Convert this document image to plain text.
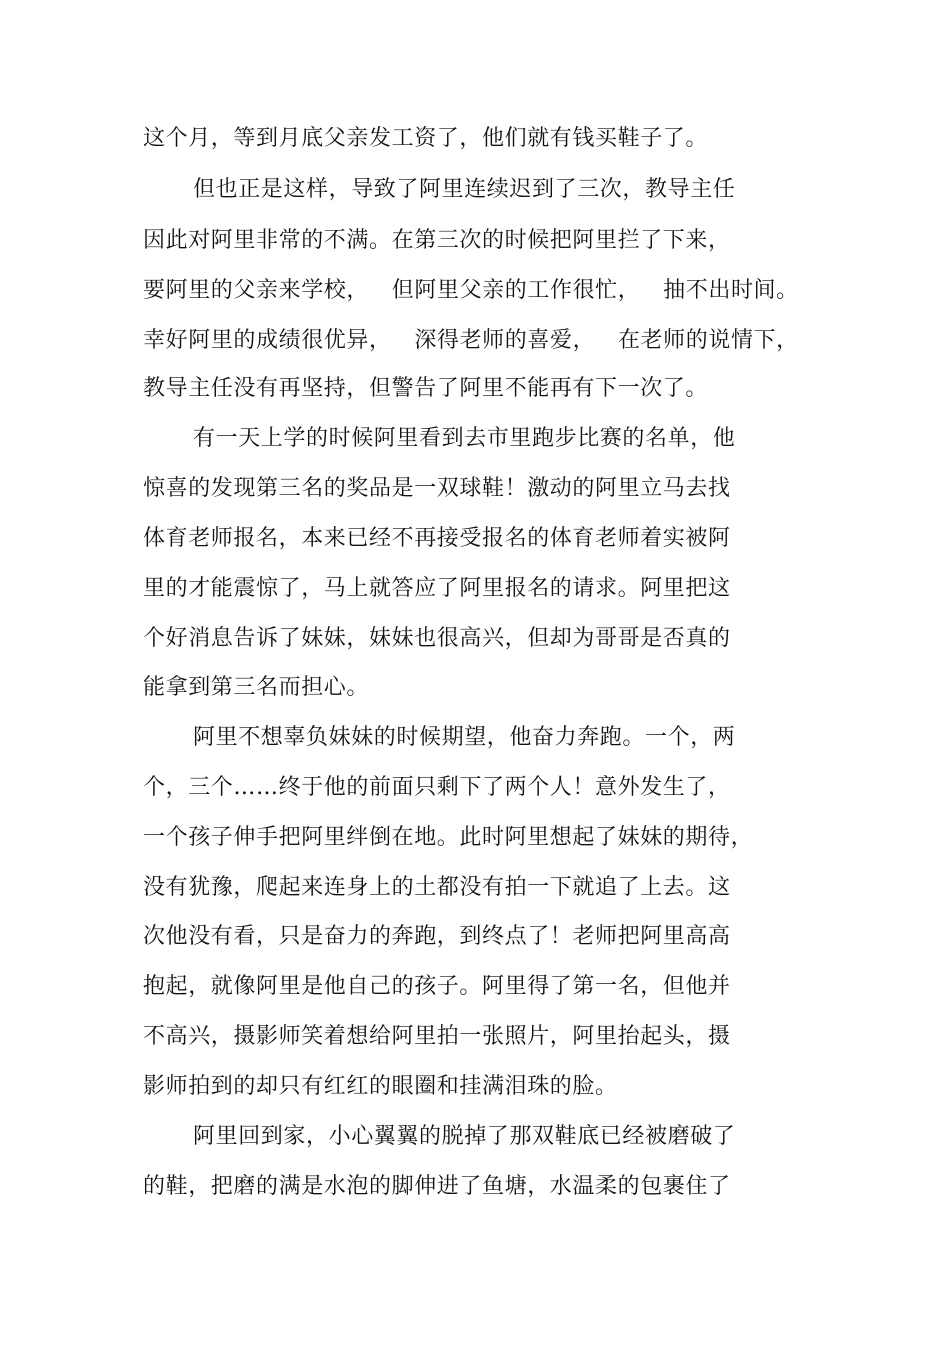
这个月，等到月底父亲发工资了，他们就有钱买鞋子了。
但也正是这样，导致了阿里连续迟到了三次，教导主任
因此对阿里非常的不满。在第三次的时候把阿里拦了下来，
要阿里的父亲来学校，   但阿里父亲的工作很忙，   抽不出时间。
幸好阿里的成绩很优异，   深得老师的喜爱，   在老师的说情下，
教导主任没有再坚持，但警告了阿里不能再有下一次了。
有一天上学的时候阿里看到去市里跑步比赛的名单，他
惊喜的发现第三名的奖品是一双球鞋！激动的阿里立马去找
体育老师报名，本来已经不再接受报名的体育老师着实被阿
里的才能震惊了，马上就答应了阿里报名的请求。阿里把这
个好消息告诉了妹妹，妹妹也很高兴，但却为哥哥是否真的
能拿到第三名而担心。
阿里不想辜负妹妹的时候期望，他奋力奔跑。一个，两
个，三个……终于他的前面只剩下了两个人！意外发生了，
一个孩子伸手把阿里绊倒在地。此时阿里想起了妹妹的期待，
没有犹豫，爬起来连身上的土都没有拍一下就追了上去。这
次他没有看，只是奋力的奔跑，到终点了！老师把阿里高高
抱起，就像阿里是他自己的孩子。阿里得了第一名，但他并
不高兴，摄影师笑着想给阿里拍一张照片，阿里抬起头，摄
影师拍到的却只有红红的眼圈和挂满泪珠的脸。
阿里回到家，小心翼翼的脱掉了那双鞋底已经被磨破了
的鞋，把磨的满是水泡的脚伸进了鱼塘，水温柔的包裹住了
